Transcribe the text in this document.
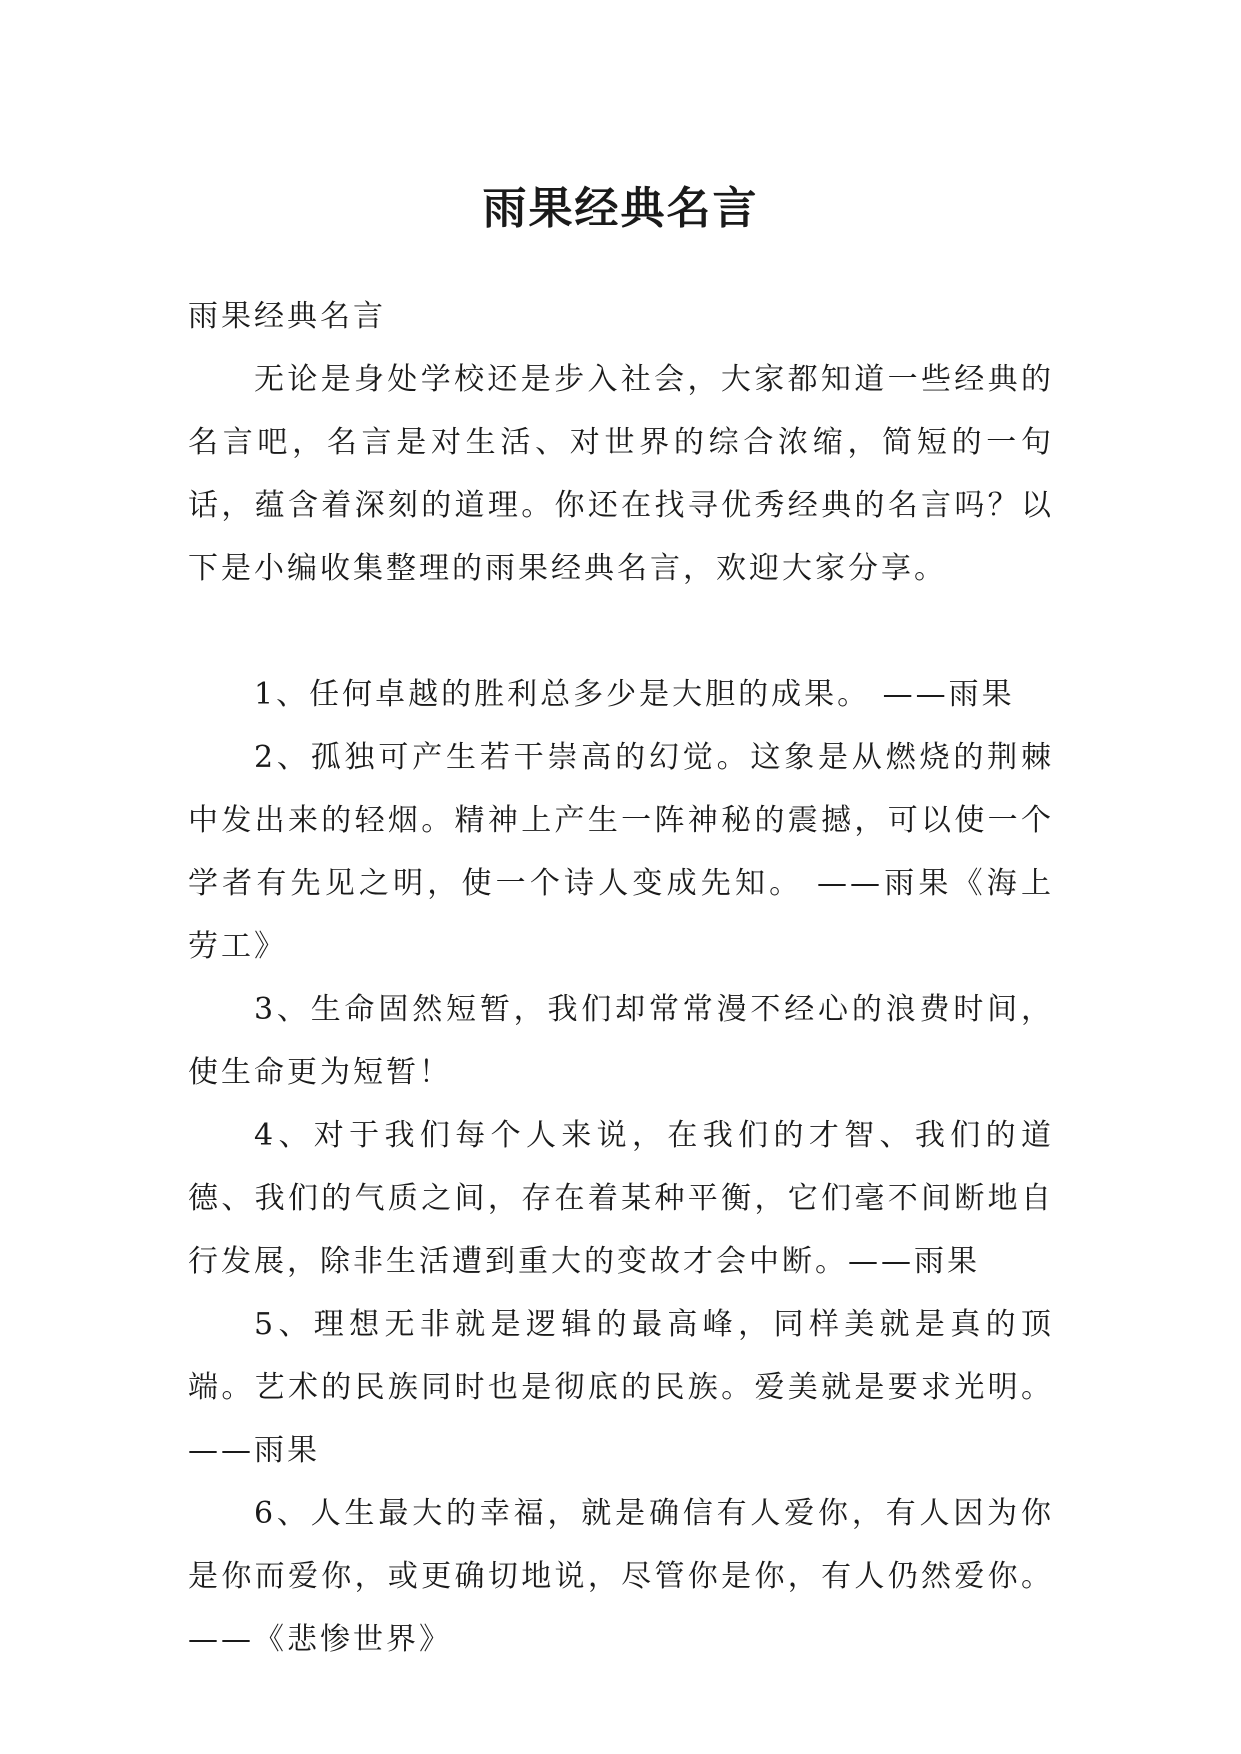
雨果经典名言

雨果经典名言

无论是身处学校还是步入社会，大家都知道一些经典的名言吧，名言是对生活、对世界的综合浓缩，简短的一句话，蕴含着深刻的道理。你还在找寻优秀经典的名言吗？以下是小编收集整理的雨果经典名言，欢迎大家分享。

1、任何卓越的胜利总多少是大胆的成果。 ——雨果

2、孤独可产生若干崇高的幻觉。这象是从燃烧的荆棘中发出来的轻烟。精神上产生一阵神秘的震撼，可以使一个学者有先见之明，使一个诗人变成先知。 ——雨果《海上劳工》

3、生命固然短暂，我们却常常漫不经心的浪费时间，使生命更为短暂！

4、对于我们每个人来说，在我们的才智、我们的道德、我们的气质之间，存在着某种平衡，它们毫不间断地自行发展，除非生活遭到重大的变故才会中断。——雨果

5、理想无非就是逻辑的最高峰，同样美就是真的顶端。艺术的民族同时也是彻底的民族。爱美就是要求光明。 ——雨果

6、人生最大的幸福，就是确信有人爱你，有人因为你是你而爱你，或更确切地说，尽管你是你，有人仍然爱你。——《悲惨世界》
